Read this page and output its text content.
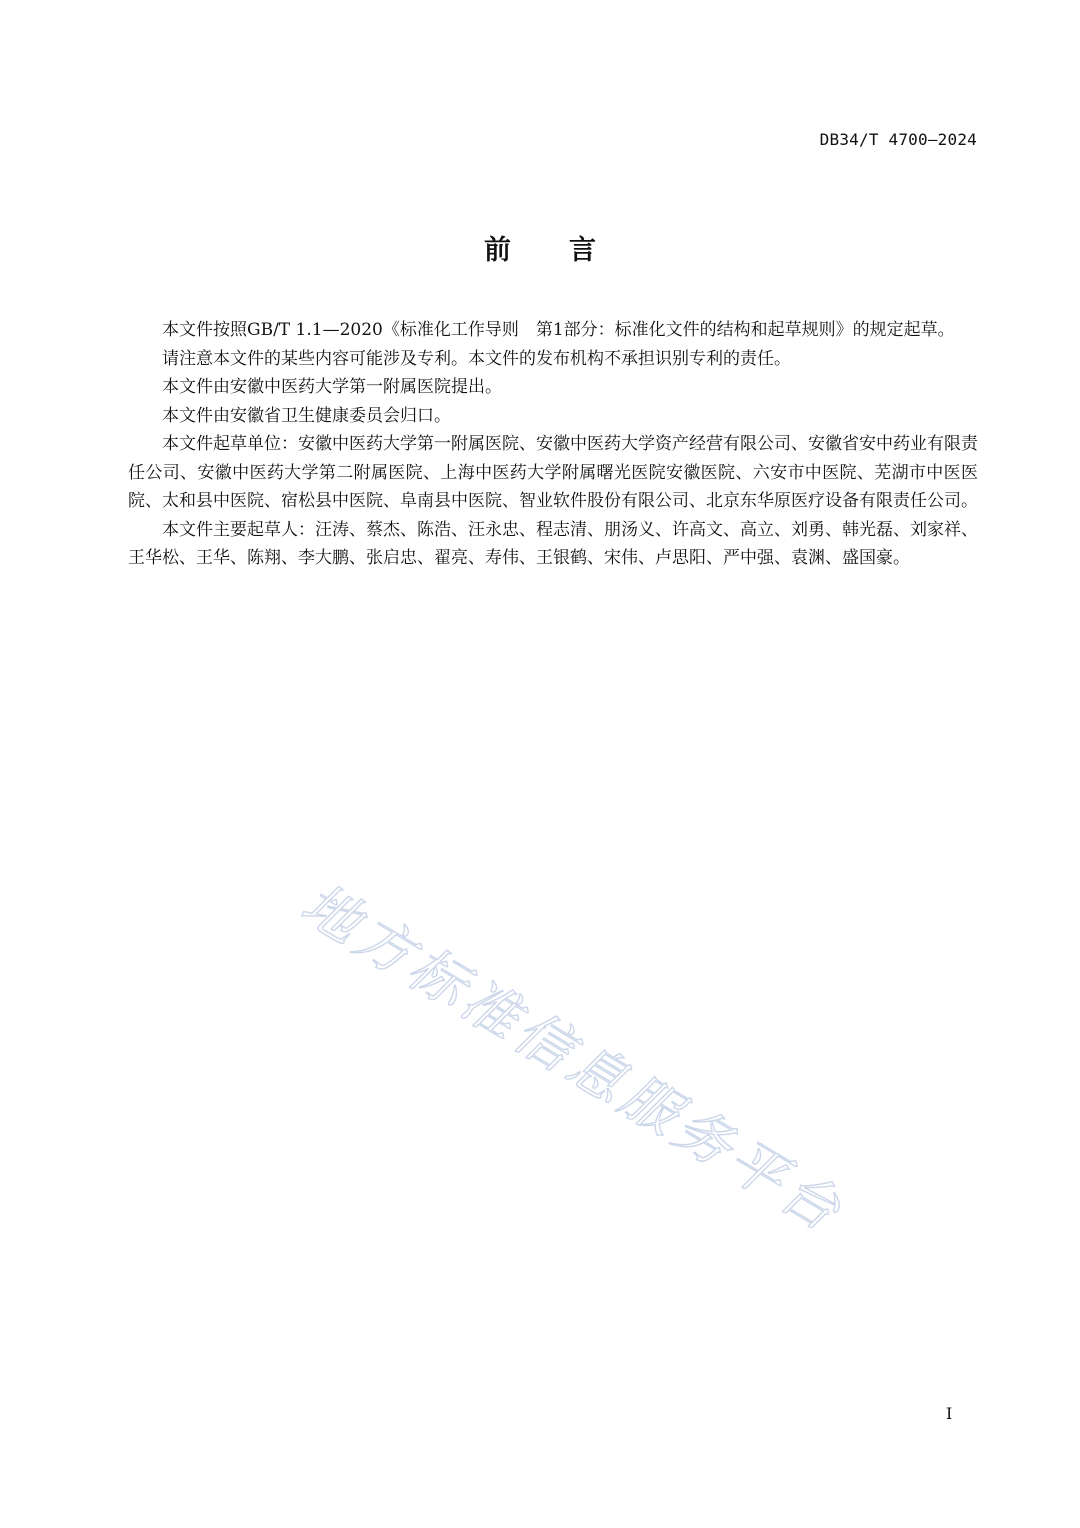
DB34/T 4700—2024
前言

本文件按照GB/T 1.1—2020《标准化工作导则　第1部分：标准化文件的结构和起草规则》的规定起草。

请注意本文件的某些内容可能涉及专利。本文件的发布机构不承担识别专利的责任。

本文件由安徽中医药大学第一附属医院提出。

本文件由安徽省卫生健康委员会归口。

本文件起草单位：安徽中医药大学第一附属医院、安徽中医药大学资产经营有限公司、安徽省安中药业有限责任公司、安徽中医药大学第二附属医院、上海中医药大学附属曙光医院安徽医院、六安市中医院、芜湖市中医医院、太和县中医院、宿松县中医院、阜南县中医院、智业软件股份有限公司、北京东华原医疗设备有限责任公司。

本文件主要起草人：汪涛、蔡杰、陈浩、汪永忠、程志清、朋汤义、许高文、高立、刘勇、韩光磊、刘家祥、王华松、王华、陈翔、李大鹏、张启忠、翟亮、寿伟、王银鹤、宋伟、卢思阳、严中强、袁渊、盛国豪。

地方标准信息服务平台
I
